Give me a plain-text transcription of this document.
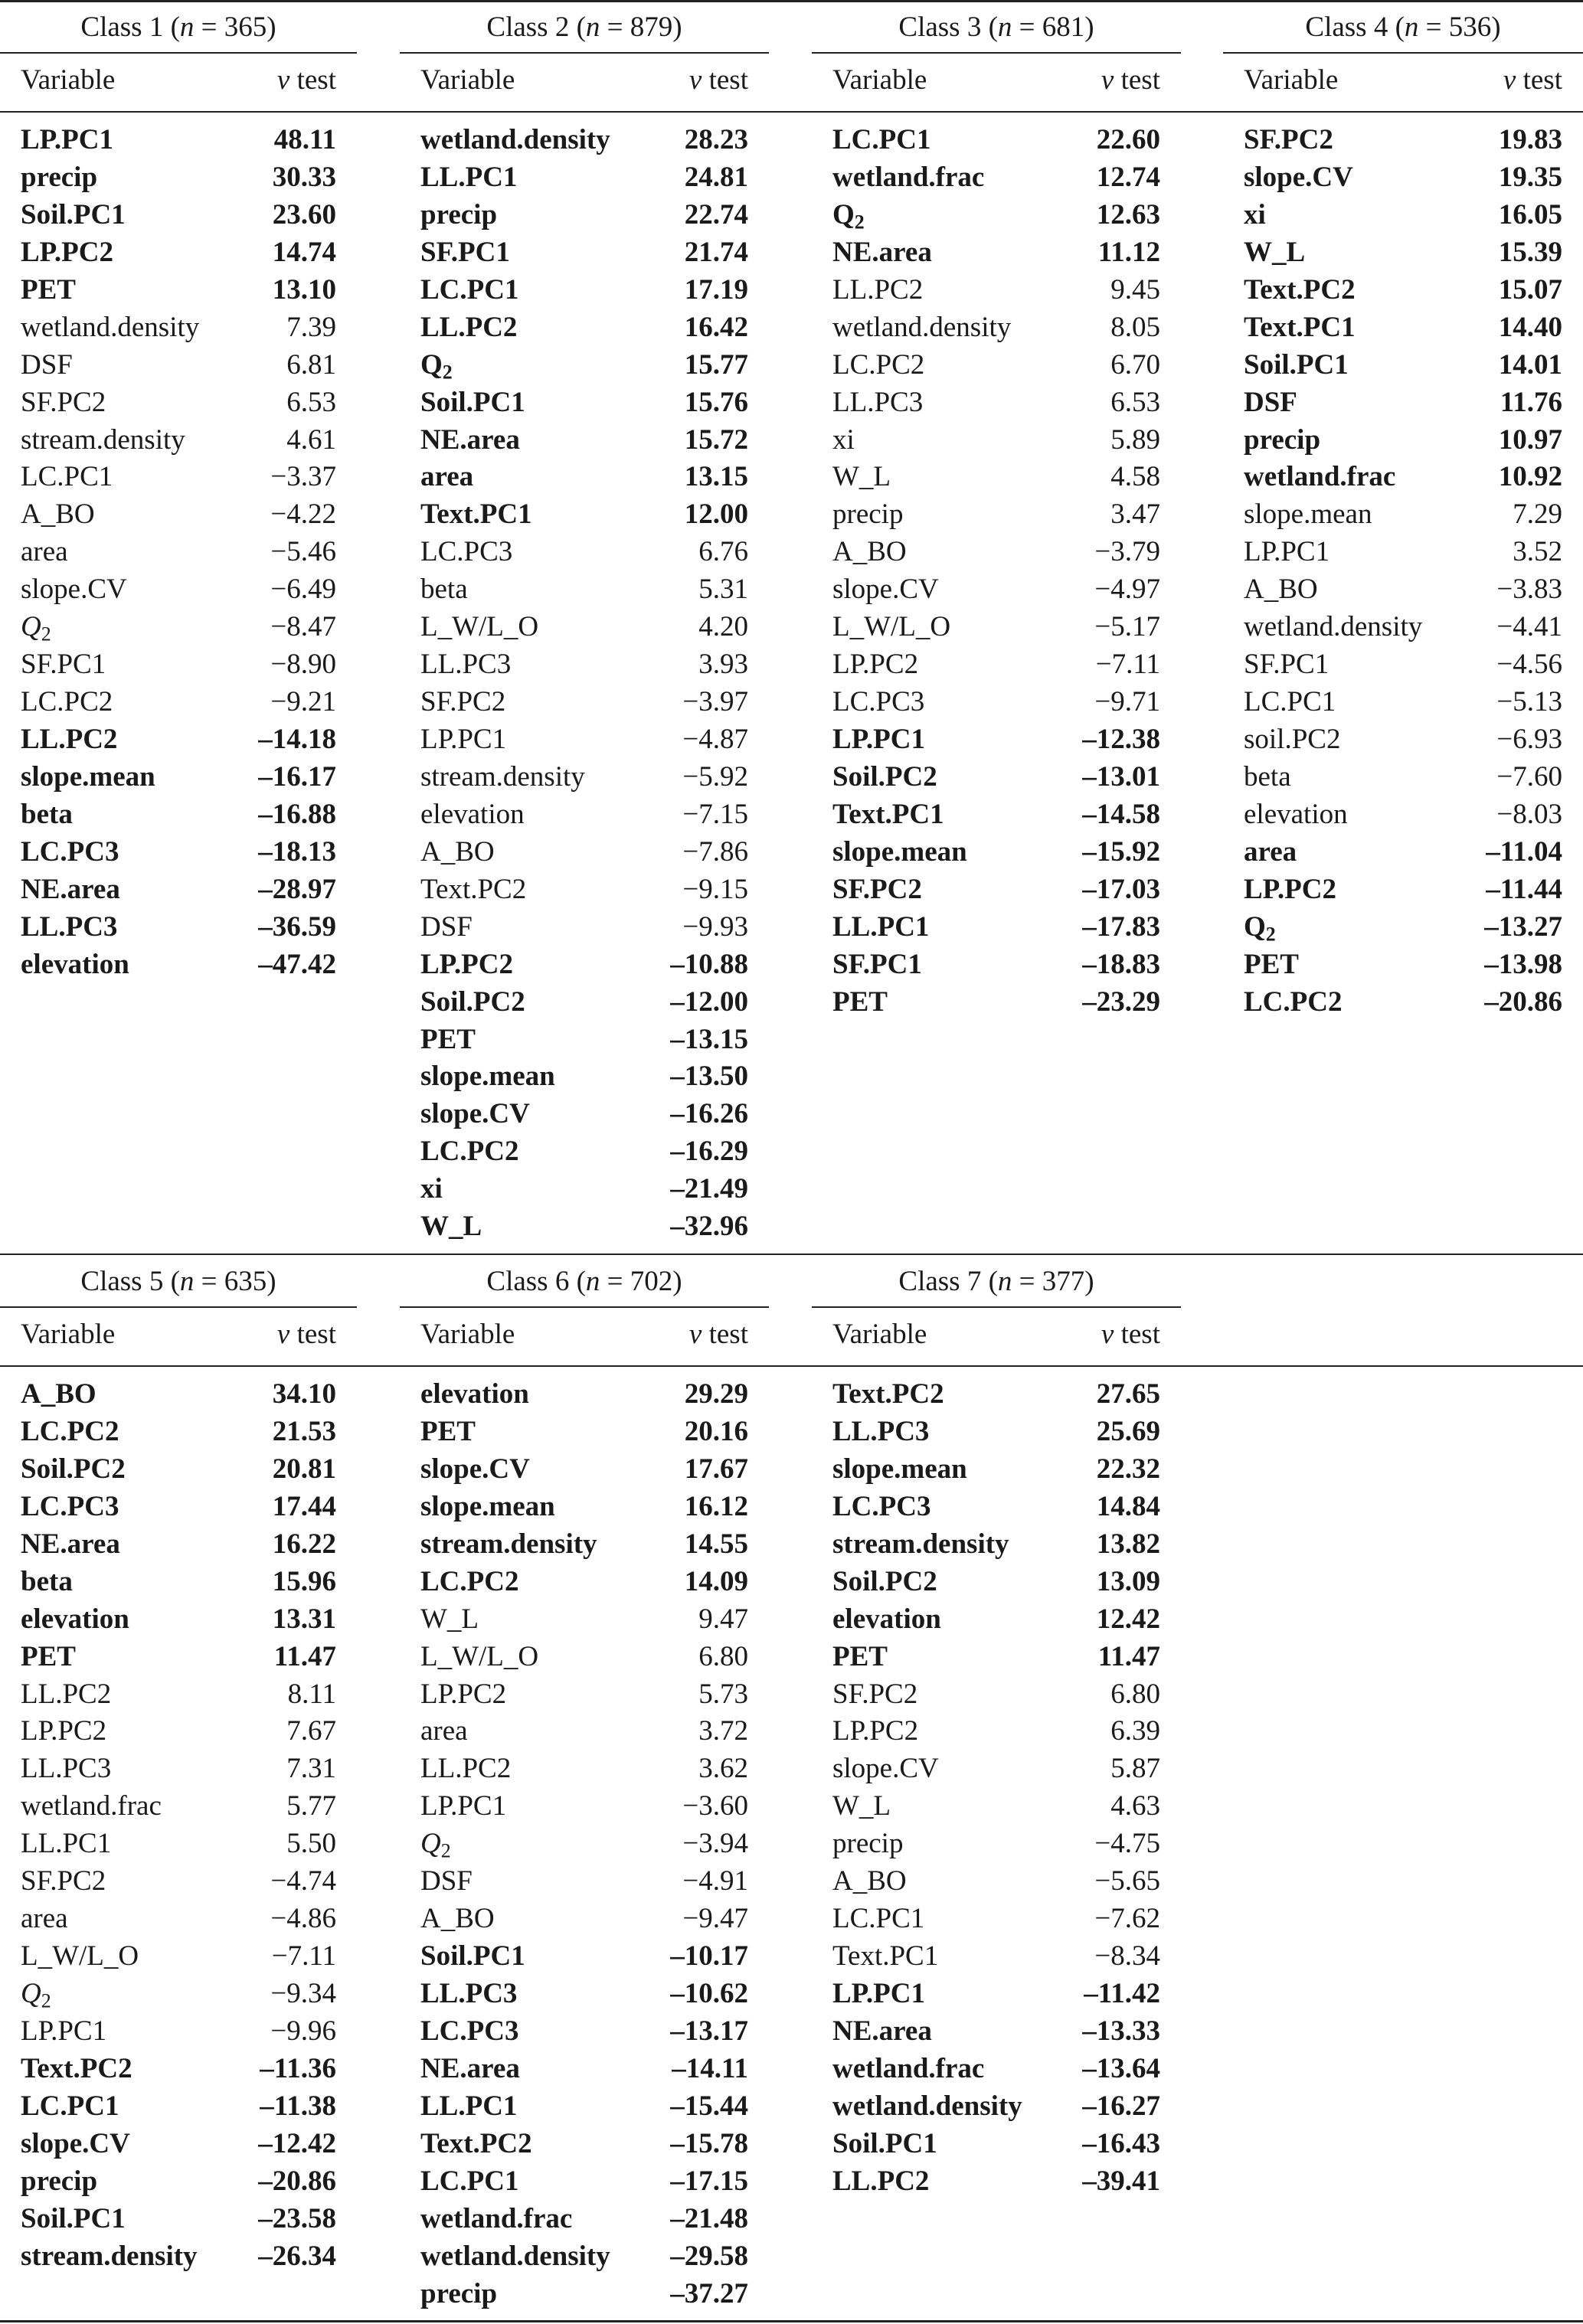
Class 1 (n = 365)
Variable	v test
LP.PC1	48.11
precip	30.33
Soil.PC1	23.60
LP.PC2	14.74
PET	13.10
wetland.density	7.39
DSF	6.81
SF.PC2	6.53
stream.density	4.61
LC.PC1	−3.37
A_BO	−4.22
area	−5.46
slope.CV	−6.49
$Q_2$	−8.47
SF.PC1	−8.90
LC.PC2	−9.21
LL.PC2	–14.18
slope.mean	–16.17
beta	–16.88
LC.PC3	–18.13
NE.area	–28.97
LL.PC3	–36.59
elevation	–47.42
Class 2 (n = 879)
Variable	v test
wetland.density	28.23
LL.PC1	24.81
precip	22.74
SF.PC1	21.74
LC.PC1	17.19
LL.PC2	16.42
$Q_2$	15.77
Soil.PC1	15.76
NE.area	15.72
area	13.15
Text.PC1	12.00
LC.PC3	6.76
beta	5.31
L_W/L_O	4.20
LL.PC3	3.93
SF.PC2	−3.97
LP.PC1	−4.87
stream.density	−5.92
elevation	−7.15
A_BO	−7.86
Text.PC2	−9.15
DSF	−9.93
LP.PC2	–10.88
Soil.PC2	–12.00
PET	–13.15
slope.mean	–13.50
slope.CV	–16.26
LC.PC2	–16.29
xi	–21.49
W_L	–32.96
Class 3 (n = 681)
Variable	v test
LC.PC1	22.60
wetland.frac	12.74
$Q_2$	12.63
NE.area	11.12
LL.PC2	9.45
wetland.density	8.05
LC.PC2	6.70
LL.PC3	6.53
xi	5.89
W_L	4.58
precip	3.47
A_BO	−3.79
slope.CV	−4.97
L_W/L_O	−5.17
LP.PC2	−7.11
LC.PC3	−9.71
LP.PC1	–12.38
Soil.PC2	–13.01
Text.PC1	–14.58
slope.mean	–15.92
SF.PC2	–17.03
LL.PC1	–17.83
SF.PC1	–18.83
PET	–23.29
Class 4 (n = 536)
Variable	v test
SF.PC2	19.83
slope.CV	19.35
xi	16.05
W_L	15.39
Text.PC2	15.07
Text.PC1	14.40
Soil.PC1	14.01
DSF	11.76
precip	10.97
wetland.frac	10.92
slope.mean	7.29
LP.PC1	3.52
A_BO	−3.83
wetland.density	−4.41
SF.PC1	−4.56
LC.PC1	−5.13
soil.PC2	−6.93
beta	−7.60
elevation	−8.03
area	–11.04
LP.PC2	–11.44
$Q_2$	–13.27
PET	–13.98
LC.PC2	–20.86
Class 5 (n = 635)
Variable	v test
A_BO	34.10
LC.PC2	21.53
Soil.PC2	20.81
LC.PC3	17.44
NE.area	16.22
beta	15.96
elevation	13.31
PET	11.47
LL.PC2	8.11
LP.PC2	7.67
LL.PC3	7.31
wetland.frac	5.77
LL.PC1	5.50
SF.PC2	−4.74
area	−4.86
L_W/L_O	−7.11
$Q_2$	−9.34
LP.PC1	−9.96
Text.PC2	–11.36
LC.PC1	–11.38
slope.CV	–12.42
precip	–20.86
Soil.PC1	–23.58
stream.density –26.34
Class 6 (n = 702)
Variable	v test
elevation	29.29
PET	20.16
slope.CV	17.67
slope.mean	16.12
stream.density	14.55
LC.PC2	14.09
W_L	9.47
L_W/L_O	6.80
LP.PC2	5.73
area	3.72
LL.PC2	3.62
LP.PC1	−3.60
$Q_2$	−3.94
DSF	−4.91
A_BO	−9.47
Soil.PC1	–10.17
LL.PC3	–10.62
LC.PC3	–13.17
NE.area	–14.11
LL.PC1	–15.44
Text.PC2	–15.78
LC.PC1	–17.15
wetland.frac	–21.48
wetland.density –29.58
precip	–37.27
Class 7 (n = 377)
Variable	v test
Text.PC2	27.65
LL.PC3	25.69
slope.mean	22.32
LC.PC3	14.84
stream.density	13.82
Soil.PC2	13.09
elevation	12.42
PET	11.47
SF.PC2	6.80
LP.PC2	6.39
slope.CV	5.87
W_L	4.63
precip	−4.75
A_BO	−5.65
LC.PC1	−7.62
Text.PC1	−8.34
LP.PC1	–11.42
NE.area	–13.33
wetland.frac	–13.64
wetland.density –16.27
Soil.PC1	–16.43
LL.PC2	–39.41
